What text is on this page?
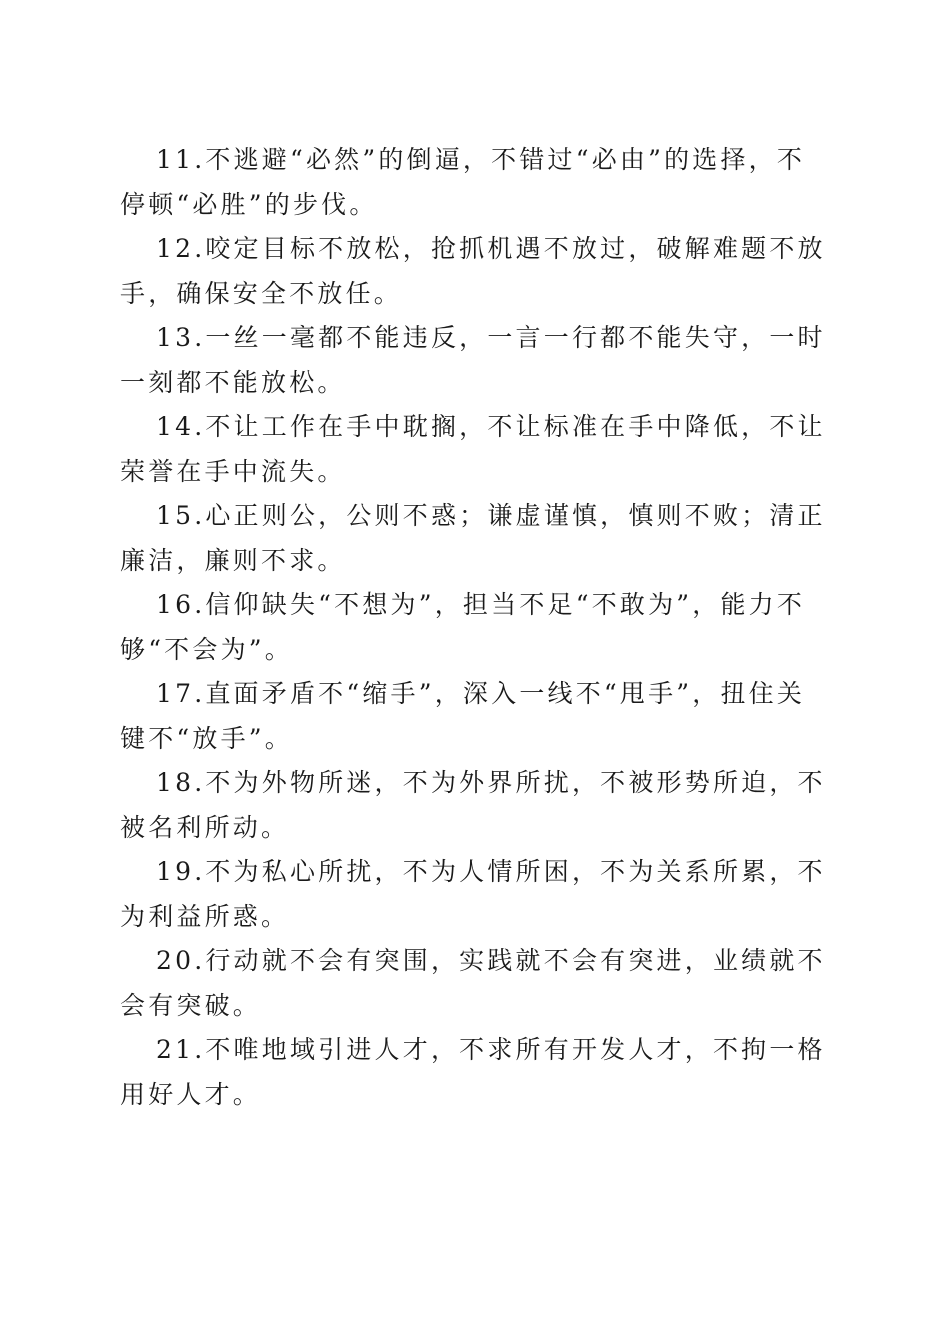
11.不逃避“必然”的倒逼，不错过“必由”的选择，不停顿“必胜”的步伐。

12.咬定目标不放松，抢抓机遇不放过，破解难题不放手，确保安全不放任。

13.一丝一毫都不能违反，一言一行都不能失守，一时一刻都不能放松。

14.不让工作在手中耽搁，不让标准在手中降低，不让荣誉在手中流失。

15.心正则公，公则不惑；谦虚谨慎，慎则不败；清正廉洁，廉则不求。

16.信仰缺失“不想为”，担当不足“不敢为”，能力不够“不会为”。

17.直面矛盾不“缩手”，深入一线不“甩手”，扭住关键不“放手”。

18.不为外物所迷，不为外界所扰，不被形势所迫，不被名利所动。

19.不为私心所扰，不为人情所困，不为关系所累，不为利益所惑。

20.行动就不会有突围，实践就不会有突进，业绩就不会有突破。

21.不唯地域引进人才，不求所有开发人才，不拘一格用好人才。
